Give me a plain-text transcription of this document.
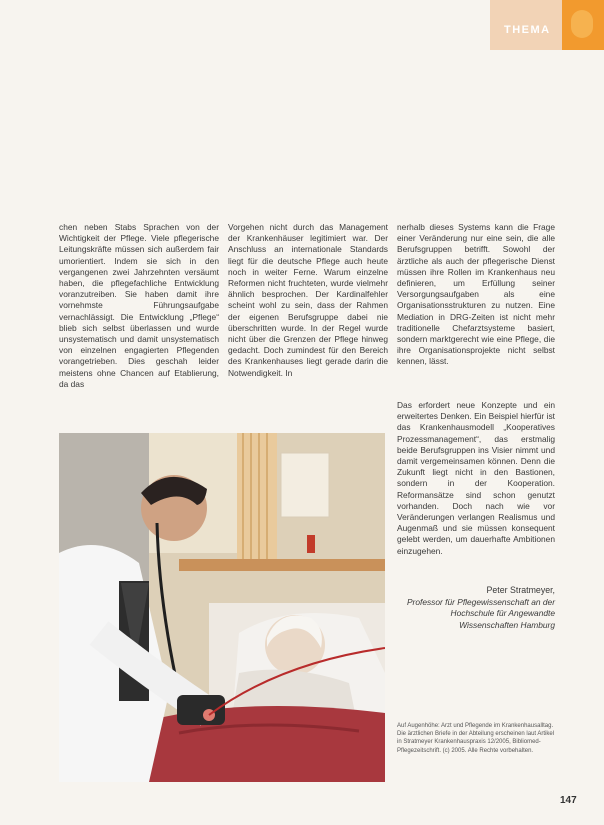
THEMA

chen neben Stabs Sprachen von der Wichtigkeit der Pflege. Viele pflegerische Leitungskräfte müssen sich außerdem fair umorientiert. Indem sie sich in den vergangenen zwei Jahrzehnten versäumt haben, die pflegefachliche Entwicklung voranzutreiben. Sie haben damit ihre vornehmste Führungsaufgabe vernachlässigt. Die Entwicklung „Pflege“ blieb sich selbst überlassen und wurde unsystematisch und damit unsystematisch von einzelnen engagierten Pflegenden vorangetrieben. Dies geschah leider meistens ohne Chancen auf Etablierung, da das

Vorgehen nicht durch das Management der Krankenhäuser legitimiert war. Der Anschluss an internationale Standards liegt für die deutsche Pflege auch heute noch in weiter Ferne. Warum einzelne Reformen nicht fruchteten, wurde vielmehr ähnlich besprochen. Der Kardinalfehler scheint wohl zu sein, dass der Rahmen der eigenen Berufsgruppe dabei nie überschritten wurde. In der Regel wurde nicht über die Grenzen der Pflege hinweg gedacht. Doch zumindest für den Bereich des Krankenhauses liegt gerade darin die Notwendigkeit. In

nerhalb dieses Systems kann die Frage einer Veränderung nur eine sein, die alle Berufsgruppen betrifft. Sowohl der ärztliche als auch der pflegerische Dienst müssen ihre Rollen im Krankenhaus neu definieren, um Erfüllung seiner Versorgungsaufgaben als eine Organisationsstrukturen zu nutzen. Eine Mediation in DRG-Zeiten ist nicht mehr traditionelle Chefarztsysteme basiert, sondern marktgerecht wie eine Pflege, die ihre Organisationsprojekte nicht selbst kennen, lässt.

Das erfordert neue Konzepte und ein erweitertes Denken. Ein Beispiel hierfür ist das Krankenhausmodell „Kooperatives Prozessmanagement“, das erstmalig beide Berufsgruppen ins Visier nimmt und damit vergemeinsamen können. Denn die Zukunft liegt nicht in den Bastionen, sondern in der Kooperation. Reformansätze sind schon genutzt vorhanden. Doch nach wie vor Veränderungen verlangen Realismus und Augenmaß und sie müssen konsequent gelebt werden, um dauerhafte Ambitionen einzugehen.

Peter Stratmeyer,
Professor für Pflegewissenschaft an der Hochschule für Angewandte Wissenschaften Hamburg
Auf Augenhöhe: Arzt und Pflegende im Krankenhausalltag. Die ärztlichen Briefe in der Abteilung erscheinen laut Artikel in Stratmeyer Krankenhauspraxis 12/2005, Bibliomed-Pflegezeitschrift. (c) 2005. Alle Rechte vorbehalten.
147
